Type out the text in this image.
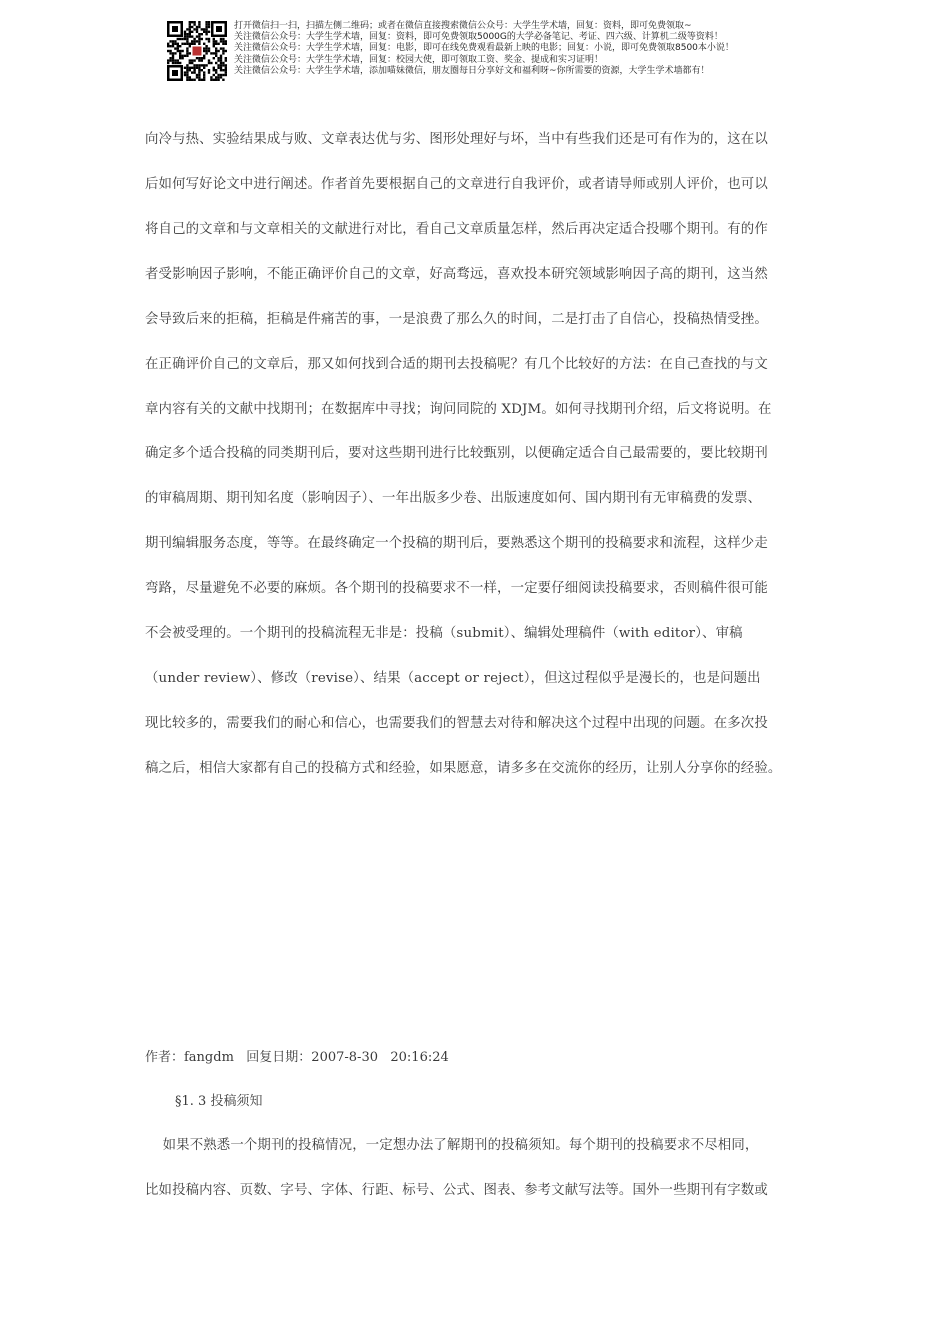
打开微信扫一扫，扫描左侧二维码；或者在微信直接搜索微信公众号：大学生学术墙，回复：资料，即可免费领取~
关注微信公众号：大学生学术墙，回复：资料，即可免费领取5000G的大学必备笔记、考证、四六级、计算机二级等资料！
关注微信公众号：大学生学术墙，回复：电影，即可在线免费观看最新上映的电影；回复：小说，即可免费领取8500本小说！
关注微信公众号：大学生学术墙，回复：校园大使，即可领取工资、奖金、提成和实习证明！
关注微信公众号：大学生学术墙，添加喵妹微信，朋友圈每日分享好文和福利呀~你所需要的资源，大学生学术墙都有！
向冷与热、实验结果成与败、文章表达优与劣、图形处理好与坏，当中有些我们还是可有作为的，这在以
后如何写好论文中进行阐述。作者首先要根据自己的文章进行自我评价，或者请导师或别人评价，也可以
将自己的文章和与文章相关的文献进行对比，看自己文章质量怎样，然后再决定适合投哪个期刊。有的作
者受影响因子影响，不能正确评价自己的文章，好高骛远，喜欢投本研究领域影响因子高的期刊，这当然
会导致后来的拒稿，拒稿是件痛苦的事，一是浪费了那么久的时间，二是打击了自信心，投稿热情受挫。
在正确评价自己的文章后，那又如何找到合适的期刊去投稿呢？有几个比较好的方法：在自己查找的与文
章内容有关的文献中找期刊；在数据库中寻找；询问同院的 XDJM。如何寻找期刊介绍，后文将说明。在
确定多个适合投稿的同类期刊后，要对这些期刊进行比较甄别，以便确定适合自己最需要的，要比较期刊
的审稿周期、期刊知名度（影响因子）、一年出版多少卷、出版速度如何、国内期刊有无审稿费的发票、
期刊编辑服务态度，等等。在最终确定一个投稿的期刊后，要熟悉这个期刊的投稿要求和流程，这样少走
弯路，尽量避免不必要的麻烦。各个期刊的投稿要求不一样，一定要仔细阅读投稿要求，否则稿件很可能
不会被受理的。一个期刊的投稿流程无非是：投稿（submit）、编辑处理稿件（with editor）、审稿
（under review）、修改（revise）、结果（accept or reject），但这过程似乎是漫长的，也是问题出
现比较多的，需要我们的耐心和信心，也需要我们的智慧去对待和解决这个过程中出现的问题。在多次投
稿之后，相信大家都有自己的投稿方式和经验，如果愿意，请多多在交流你的经历，让别人分享你的经验。
作者：fangdm   回复日期：2007-8-30   20:16:24
§1. 3 投稿须知
如果不熟悉一个期刊的投稿情况，一定想办法了解期刊的投稿须知。每个期刊的投稿要求不尽相同，
比如投稿内容、页数、字号、字体、行距、标号、公式、图表、参考文献写法等。国外一些期刊有字数或
